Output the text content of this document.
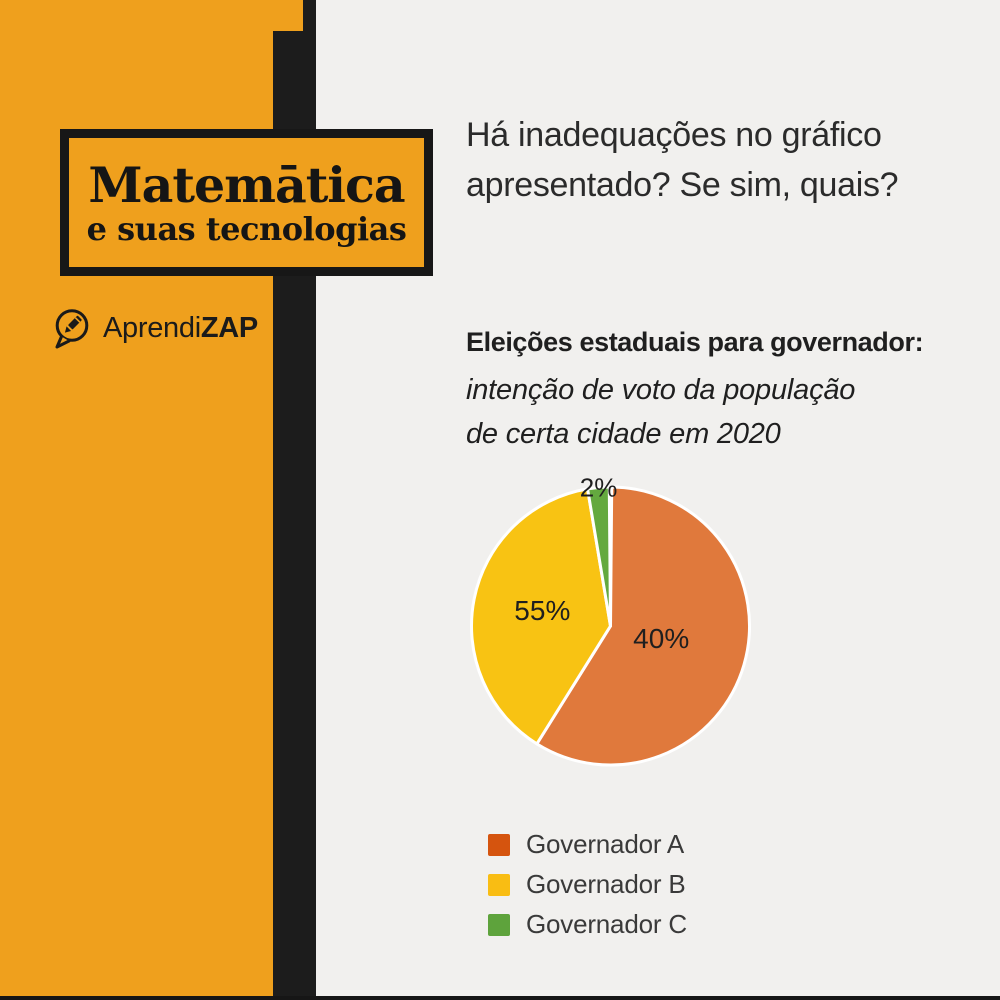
Matemātica
e suas tecnologias
AprendiZAP
Há inadequações no gráfico
apresentado? Se sim, quais?
Eleições estaduais para governador:
intenção de voto da população
de certa cidade em 2020
40%
55%
2%
Governador A
Governador B
Governador C
